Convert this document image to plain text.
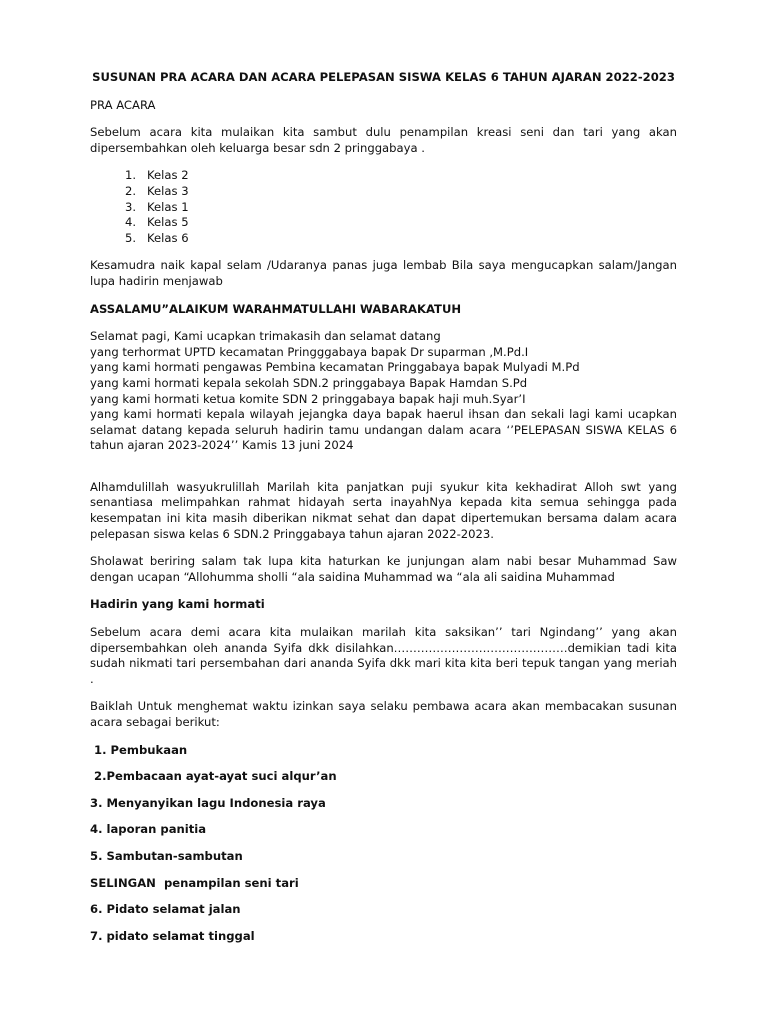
SUSUNAN PRA ACARA DAN ACARA PELEPASAN SISWA KELAS 6 TAHUN AJARAN 2022-2023

PRA ACARA

Sebelum acara kita mulaikan kita sambut dulu penampilan kreasi seni dan tari yang akan dipersembahkan oleh keluarga besar sdn 2 pringgabaya .

1. Kelas 2
2. Kelas 3
3. Kelas 1
4. Kelas 5
5. Kelas 6

Kesamudra naik kapal selam /Udaranya panas juga lembab Bila saya mengucapkan salam/Jangan lupa hadirin menjawab

ASSALAMU”ALAIKUM WARAHMATULLAHI WABARAKATUH

Selamat pagi, Kami ucapkan trimakasih dan selamat datang

yang terhormat UPTD kecamatan Pringggabaya bapak Dr suparman ,M.Pd.I

yang kami hormati pengawas Pembina kecamatan Pringgabaya bapak Mulyadi M.Pd

yang kami hormati kepala sekolah SDN.2 pringgabaya Bapak Hamdan S.Pd

yang kami hormati ketua komite SDN 2 pringgabaya bapak haji muh.Syar’I

yang kami hormati kepala wilayah jejangka daya bapak haerul ihsan dan sekali lagi kami ucapkan selamat datang kepada seluruh hadirin tamu undangan dalam acara ‘’PELEPASAN SISWA KELAS 6 tahun ajaran 2023-2024’’ Kamis 13 juni 2024

Alhamdulillah wasyukrulillah Marilah kita panjatkan puji syukur kita kekhadirat Alloh swt yang senantiasa melimpahkan rahmat hidayah serta inayahNya kepada kita semua sehingga pada kesempatan ini kita masih diberikan nikmat sehat dan dapat dipertemukan bersama dalam acara pelepasan siswa kelas 6 SDN.2 Pringgabaya tahun ajaran 2022-2023.

Sholawat beriring salam tak lupa kita haturkan ke junjungan alam nabi besar Muhammad Saw dengan ucapan “Allohumma sholli “ala saidina Muhammad wa “ala ali saidina Muhammad

Hadirin yang kami hormati

Sebelum acara demi acara kita mulaikan marilah kita saksikan’’ tari Ngindang’’ yang akan dipersembahkan oleh ananda Syifa dkk disilahkan………………………………………demikian tadi kita sudah nikmati tari persembahan dari ananda Syifa dkk mari kita kita beri tepuk tangan yang meriah .

Baiklah Untuk menghemat waktu izinkan saya selaku pembawa acara akan membacakan susunan acara sebagai berikut:

1. Pembukaan

2.Pembacaan ayat-ayat suci alqur’an

3. Menyanyikan lagu Indonesia raya

4. laporan panitia

5. Sambutan-sambutan

SELINGAN  penampilan seni tari

6. Pidato selamat jalan

7. pidato selamat tinggal
